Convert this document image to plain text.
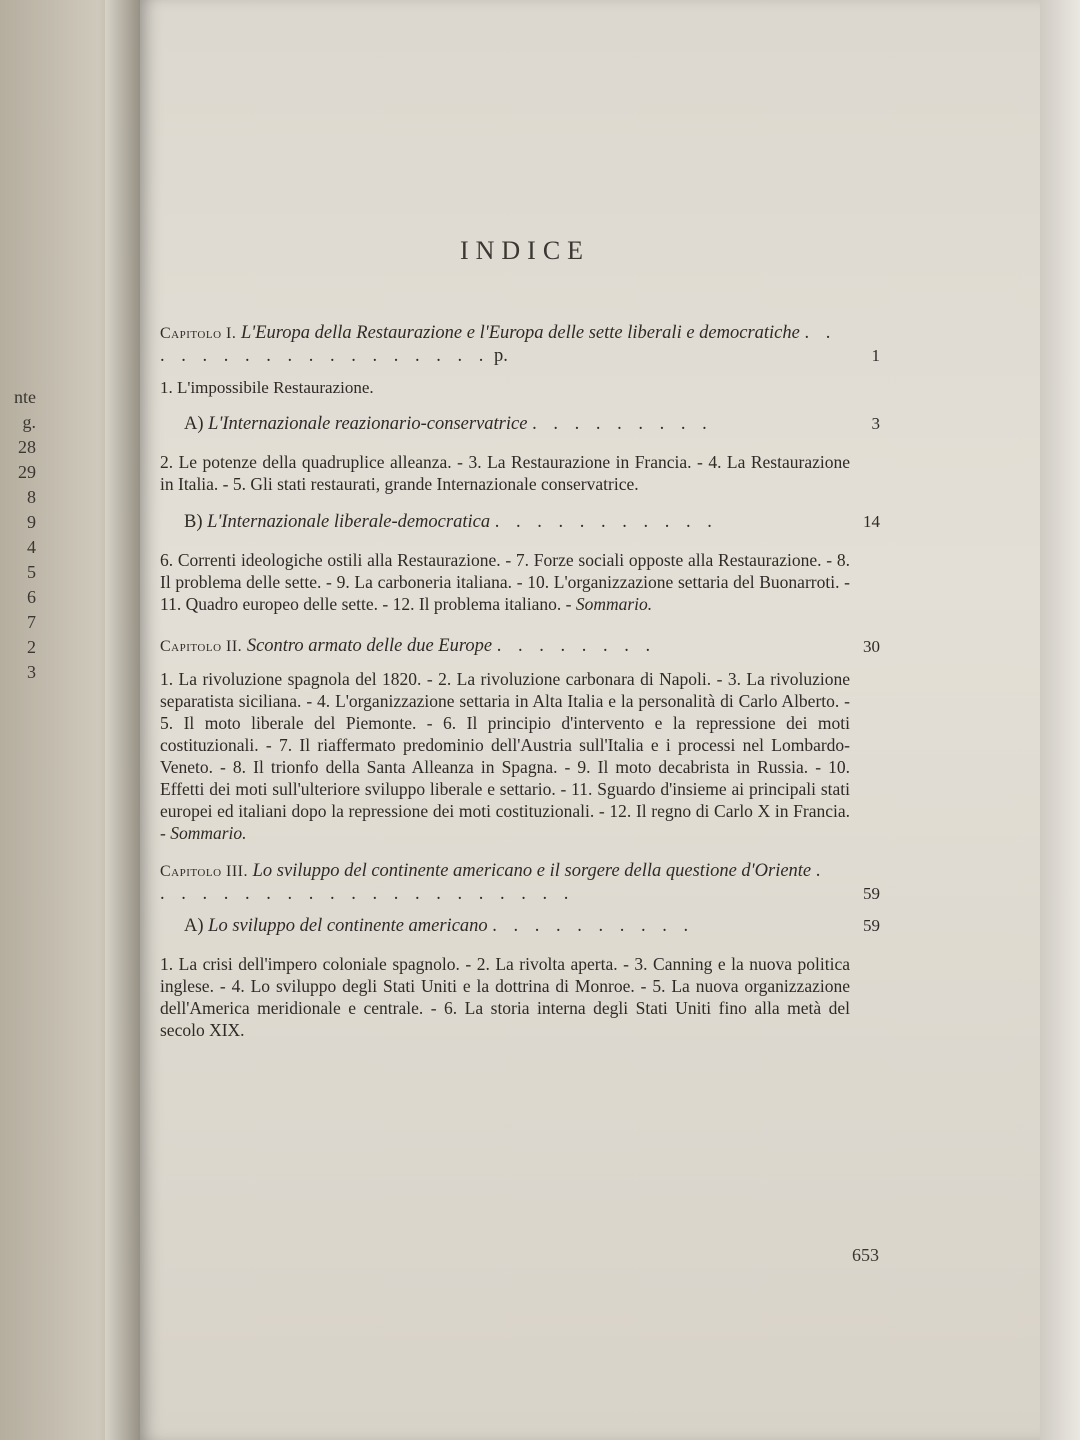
nte
g.
28
29
8
9
4
5
6
7
2
3
INDICE
Capitolo I. L'Europa della Restaurazione e l'Europa delle sette liberali e democratiche . . . . . . . . . . . . . . . . . . p.	1
1. L'impossibile Restaurazione.
A) L'Internazionale reazionario-conservatrice . . . . . . . . .	3
2. Le potenze della quadruplice alleanza. - 3. La Restaurazione in Francia. - 4. La Restaurazione in Italia. - 5. Gli stati restaurati, grande Internazionale conservatrice.
B) L'Internazionale liberale-democratica . . . . . . . . . . .	14
6. Correnti ideologiche ostili alla Restaurazione. - 7. Forze sociali opposte alla Restaurazione. - 8. Il problema delle sette. - 9. La carboneria italiana. - 10. L'organizzazione settaria del Buonarroti. - 11. Quadro europeo delle sette. - 12. Il problema italiano. - Sommario.
Capitolo II. Scontro armato delle due Europe . . . . . . . .	30
1. La rivoluzione spagnola del 1820. - 2. La rivoluzione carbonara di Napoli. - 3. La rivoluzione separatista siciliana. - 4. L'organizzazione settaria in Alta Italia e la personalità di Carlo Alberto. - 5. Il moto liberale del Piemonte. - 6. Il principio d'intervento e la repressione dei moti costituzionali. - 7. Il riaffermato predominio dell'Austria sull'Italia e i processi nel Lombardo-Veneto. - 8. Il trionfo della Santa Alleanza in Spagna. - 9. Il moto decabrista in Russia. - 10. Effetti dei moti sull'ulteriore sviluppo liberale e settario. - 11. Sguardo d'insieme ai principali stati europei ed italiani dopo la repressione dei moti costituzionali. - 12. Il regno di Carlo X in Francia. - Sommario.
Capitolo III. Lo sviluppo del continente americano e il sorgere della questione d'Oriente . . . . . . . . . . . . . . . . . . . . .	59
A) Lo sviluppo del continente americano . . . . . . . . . .	59
1. La crisi dell'impero coloniale spagnolo. - 2. La rivolta aperta. - 3. Canning e la nuova politica inglese. - 4. Lo sviluppo degli Stati Uniti e la dottrina di Monroe. - 5. La nuova organizzazione dell'America meridionale e centrale. - 6. La storia interna degli Stati Uniti fino alla metà del secolo XIX.
653
